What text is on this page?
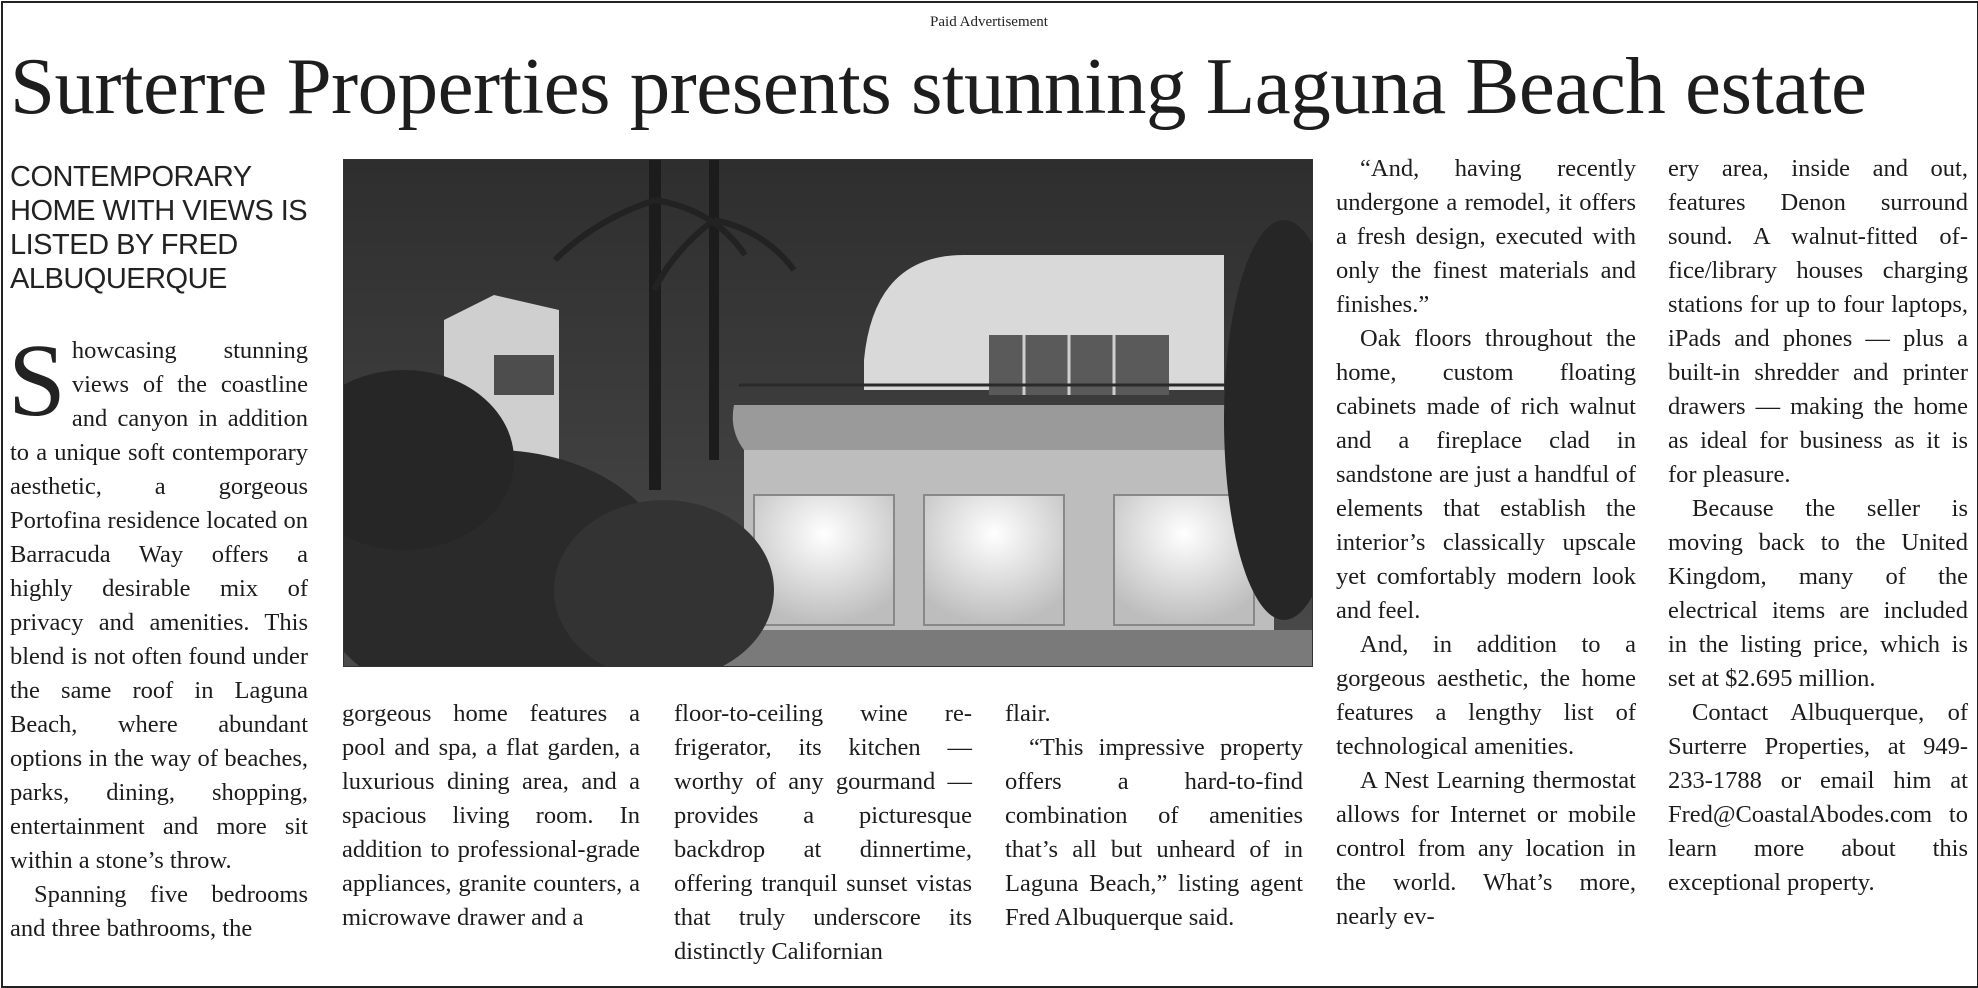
Paid Advertisement
Surterre Properties presents stunning Laguna Beach estate
CONTEMPORARY HOME WITH VIEWS IS LISTED BY FRED ALBUQUERQUE

Showcasing stunning views of the coastline and canyon in addition to a unique soft contemporary aesthetic, a gorgeous Portofina residence located on Barracuda Way offers a highly desirable mix of privacy and amenities. This blend is not often found under the same roof in Laguna Beach, where abundant options in the way of beaches, parks, dining, shopping, entertainment and more sit within a stone’s throw.

Spanning five bedrooms and three bathrooms, the

gorgeous home features a pool and spa, a flat garden, a luxurious dining area, and a spacious living room. In addition to professional-grade appliances, granite counters, a microwave drawer and a

floor-to-ceiling wine refrigerator, its kitchen — worthy of any gourmand — provides a picturesque backdrop at dinnertime, offering tranquil sunset vistas that truly underscore its distinctly Californian

flair.

“This impressive property offers a hard-to-find combination of amenities that’s all but unheard of in Laguna Beach,” listing agent Fred Albuquerque said.

“And, having recently undergone a remodel, it offers a fresh design, executed with only the finest materials and finishes.”

Oak floors throughout the home, custom floating cabinets made of rich walnut and a fireplace clad in sandstone are just a handful of elements that establish the interior’s classically upscale yet comfortably modern look and feel.

And, in addition to a gorgeous aesthetic, the home features a lengthy list of technological amenities.

A Nest Learning thermostat allows for Internet or mobile control from any location in the world. What’s more, nearly ev-

ery area, inside and out, features Denon surround sound. A walnut-fitted office/library houses charging stations for up to four laptops, iPads and phones — plus a built-in shredder and printer drawers — making the home as ideal for business as it is for pleasure.

Because the seller is moving back to the United Kingdom, many of the electrical items are included in the listing price, which is set at $2.695 million.

Contact Albuquerque, of Surterre Properties, at 949-233-1788 or email him at Fred@CoastalAbodes.com to learn more about this exceptional property.
